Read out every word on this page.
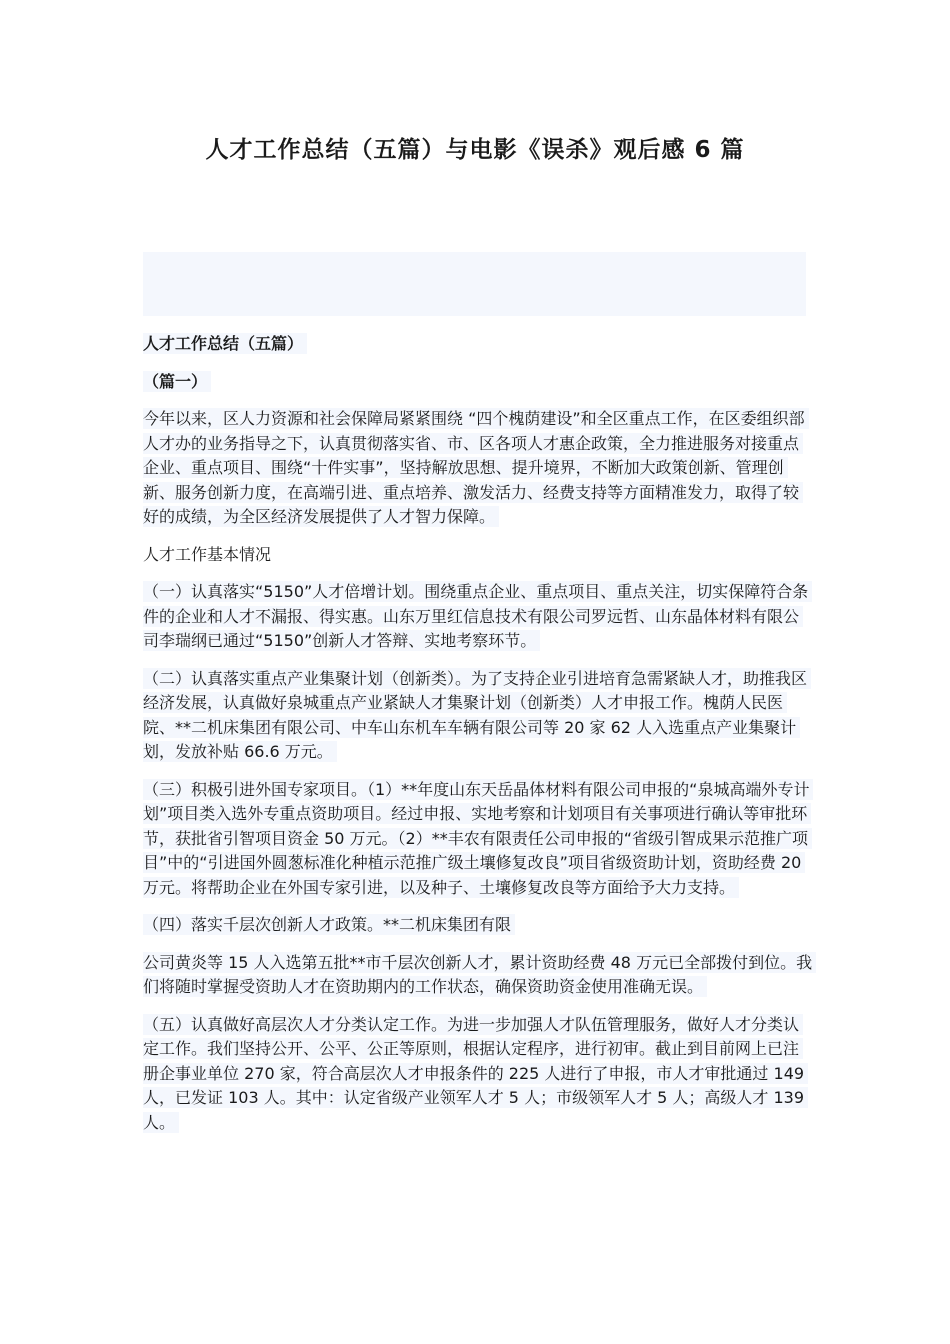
人才工作总结（五篇）与电影《误杀》观后感 6 篇

人才工作总结（五篇）

（篇一）

今年以来，区人力资源和社会保障局紧紧围绕 “四个槐荫建设”和全区重点工作，在区委组织部人才办的业务指导之下，认真贯彻落实省、市、区各项人才惠企政策，全力推进服务对接重点企业、重点项目、围绕“十件实事”，坚持解放思想、提升境界，不断加大政策创新、管理创新、服务创新力度，在高端引进、重点培养、激发活力、经费支持等方面精准发力，取得了较好的成绩，为全区经济发展提供了人才智力保障。

人才工作基本情况

（一）认真落实“5150”人才倍增计划。围绕重点企业、重点项目、重点关注，切实保障符合条件的企业和人才不漏报、得实惠。山东万里红信息技术有限公司罗远哲、山东晶体材料有限公司李瑞纲已通过“5150”创新人才答辩、实地考察环节。

（二）认真落实重点产业集聚计划（创新类）。为了支持企业引进培育急需紧缺人才，助推我区经济发展，认真做好泉城重点产业紧缺人才集聚计划（创新类）人才申报工作。槐荫人民医院、**二机床集团有限公司、中车山东机车车辆有限公司等 20 家 62 人入选重点产业集聚计划，发放补贴 66.6 万元。

（三）积极引进外国专家项目。（1）**年度山东天岳晶体材料有限公司申报的“泉城高端外专计划”项目类入选外专重点资助项目。经过申报、实地考察和计划项目有关事项进行确认等审批环节，获批省引智项目资金 50 万元。（2）**丰农有限责任公司申报的“省级引智成果示范推广项目”中的“引进国外圆葱标准化种植示范推广级土壤修复改良”项目省级资助计划，资助经费 20 万元。将帮助企业在外国专家引进，以及种子、土壤修复改良等方面给予大力支持。

（四）落实千层次创新人才政策。**二机床集团有限

公司黄炎等 15 人入选第五批**市千层次创新人才，累计资助经费 48 万元已全部拨付到位。我们将随时掌握受资助人才在资助期内的工作状态，确保资助资金使用准确无误。

（五）认真做好高层次人才分类认定工作。为进一步加强人才队伍管理服务，做好人才分类认定工作。我们坚持公开、公平、公正等原则，根据认定程序，进行初审。截止到目前网上已注册企事业单位 270 家，符合高层次人才申报条件的 225 人进行了申报，市人才审批通过 149 人，已发证 103 人。其中：认定省级产业领军人才 5 人；市级领军人才 5 人；高级人才 139 人。
